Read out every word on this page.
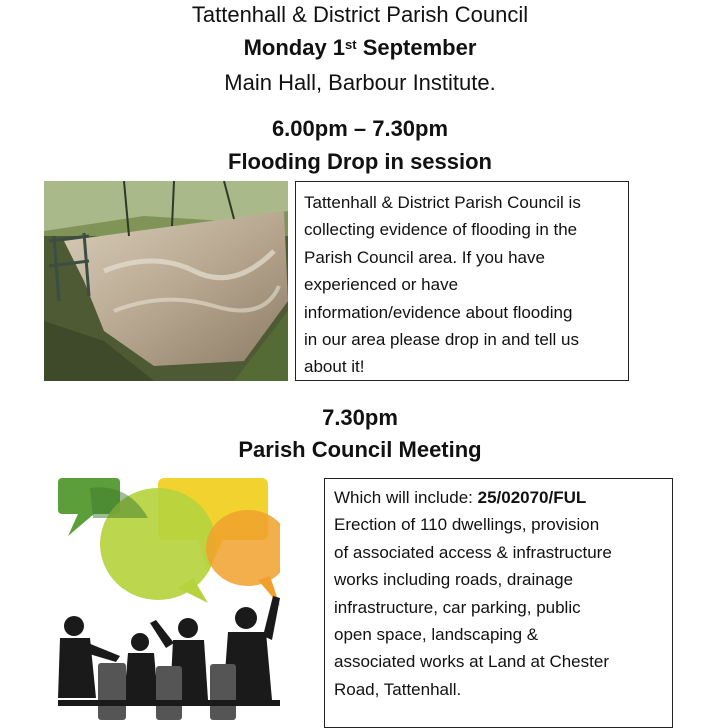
Tattenhall & District Parish Council
Monday 1st September
Main Hall, Barbour Institute.
6.00pm – 7.30pm
Flooding Drop in session
Tattenhall & District Parish Council is
collecting evidence of flooding in the
Parish Council area. If you have
experienced or have
information/evidence about flooding
in our area please drop in and tell us
about it!
7.30pm
Parish Council Meeting
Which will include: 25/02070/FUL
Erection of 110 dwellings, provision
of associated access & infrastructure
works including roads, drainage
infrastructure, car parking, public
open space, landscaping &
associated works at Land at Chester
Road, Tattenhall.
